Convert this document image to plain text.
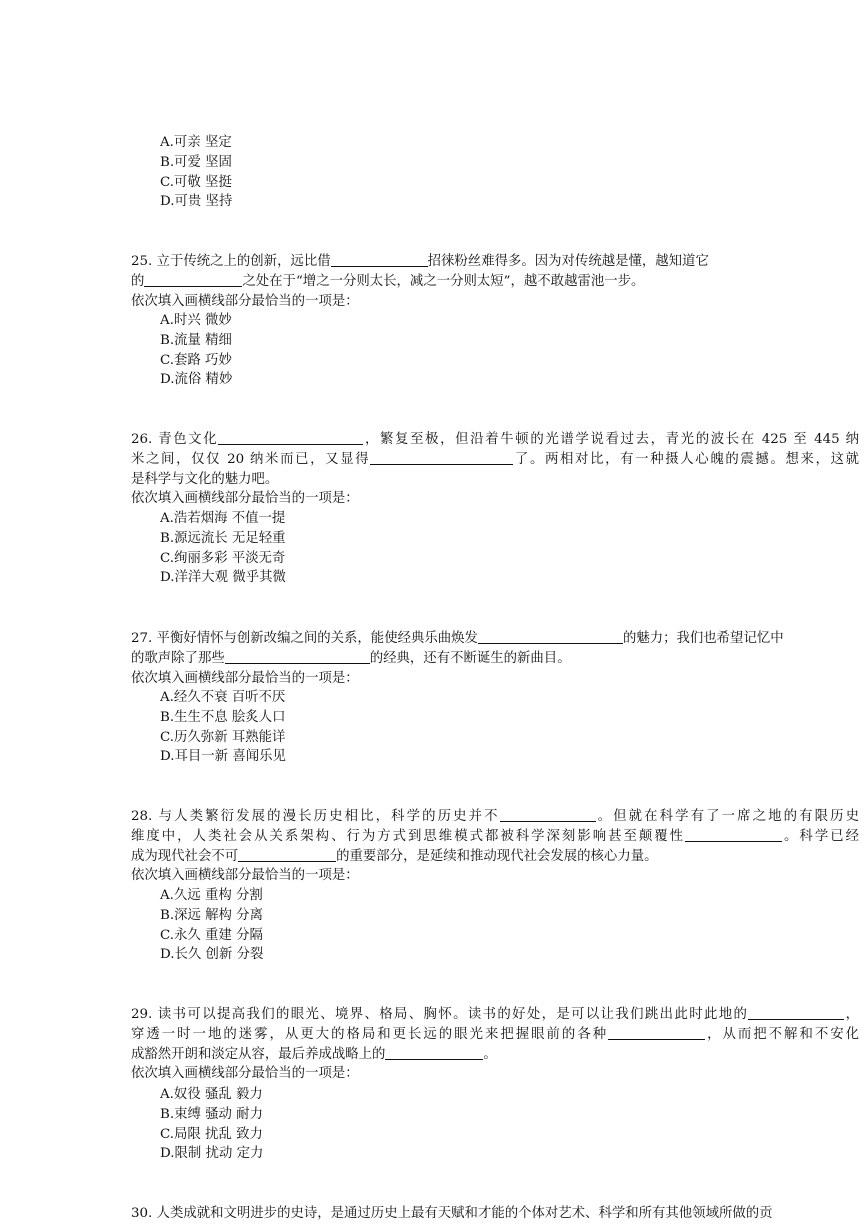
A.可亲 坚定
B.可爱 坚固
C.可敬 坚挺
D.可贵 坚持
25. 立于传统之上的创新，远比借	招徕粉丝难得多。因为对传统越是懂，越知道它
的	之处在于“增之一分则太长，减之一分则太短”，越不敢越雷池一步。
依次填入画横线部分最恰当的一项是：
A.时兴 微妙
B.流量 精细
C.套路 巧妙
D.流俗 精妙
26. 青色文化	，繁复至极，但沿着牛顿的光谱学说看过去，青光的波长在 425 至 445 纳
米之间，仅仅 20 纳米而已，又显得	了。两相对比，有一种摄人心魄的震撼。想来，这就
是科学与文化的魅力吧。
依次填入画横线部分最恰当的一项是：
A.浩若烟海 不值一提
B.源远流长 无足轻重
C.绚丽多彩 平淡无奇
D.洋洋大观 微乎其微
27. 平衡好情怀与创新改编之间的关系，能使经典乐曲焕发	的魅力；我们也希望记忆中
的歌声除了那些	的经典，还有不断诞生的新曲目。
依次填入画横线部分最恰当的一项是：
A.经久不衰 百听不厌
B.生生不息 脍炙人口
C.历久弥新 耳熟能详
D.耳目一新 喜闻乐见
28. 与人类繁衍发展的漫长历史相比，科学的历史并不	。但就在科学有了一席之地的有限历史
维度中，人类社会从关系架构、行为方式到思维模式都被科学深刻影响甚至颠覆性	。科学已经
成为现代社会不可	的重要部分，是延续和推动现代社会发展的核心力量。
依次填入画横线部分最恰当的一项是：
A.久远 重构 分割
B.深远 解构 分离
C.永久 重建 分隔
D.长久 创新 分裂
29. 读书可以提高我们的眼光、境界、格局、胸怀。读书的好处，是可以让我们跳出此时此地的	，
穿透一时一地的迷雾，从更大的格局和更长远的眼光来把握眼前的各种	，从而把不解和不安化
成豁然开朗和淡定从容，最后养成战略上的	。
依次填入画横线部分最恰当的一项是：
A.奴役 骚乱 毅力
B.束缚 骚动 耐力
C.局限 扰乱 致力
D.限制 扰动 定力
30. 人类成就和文明进步的史诗，是通过历史上最有天赋和才能的个体对艺术、科学和所有其他领域所做的贡
